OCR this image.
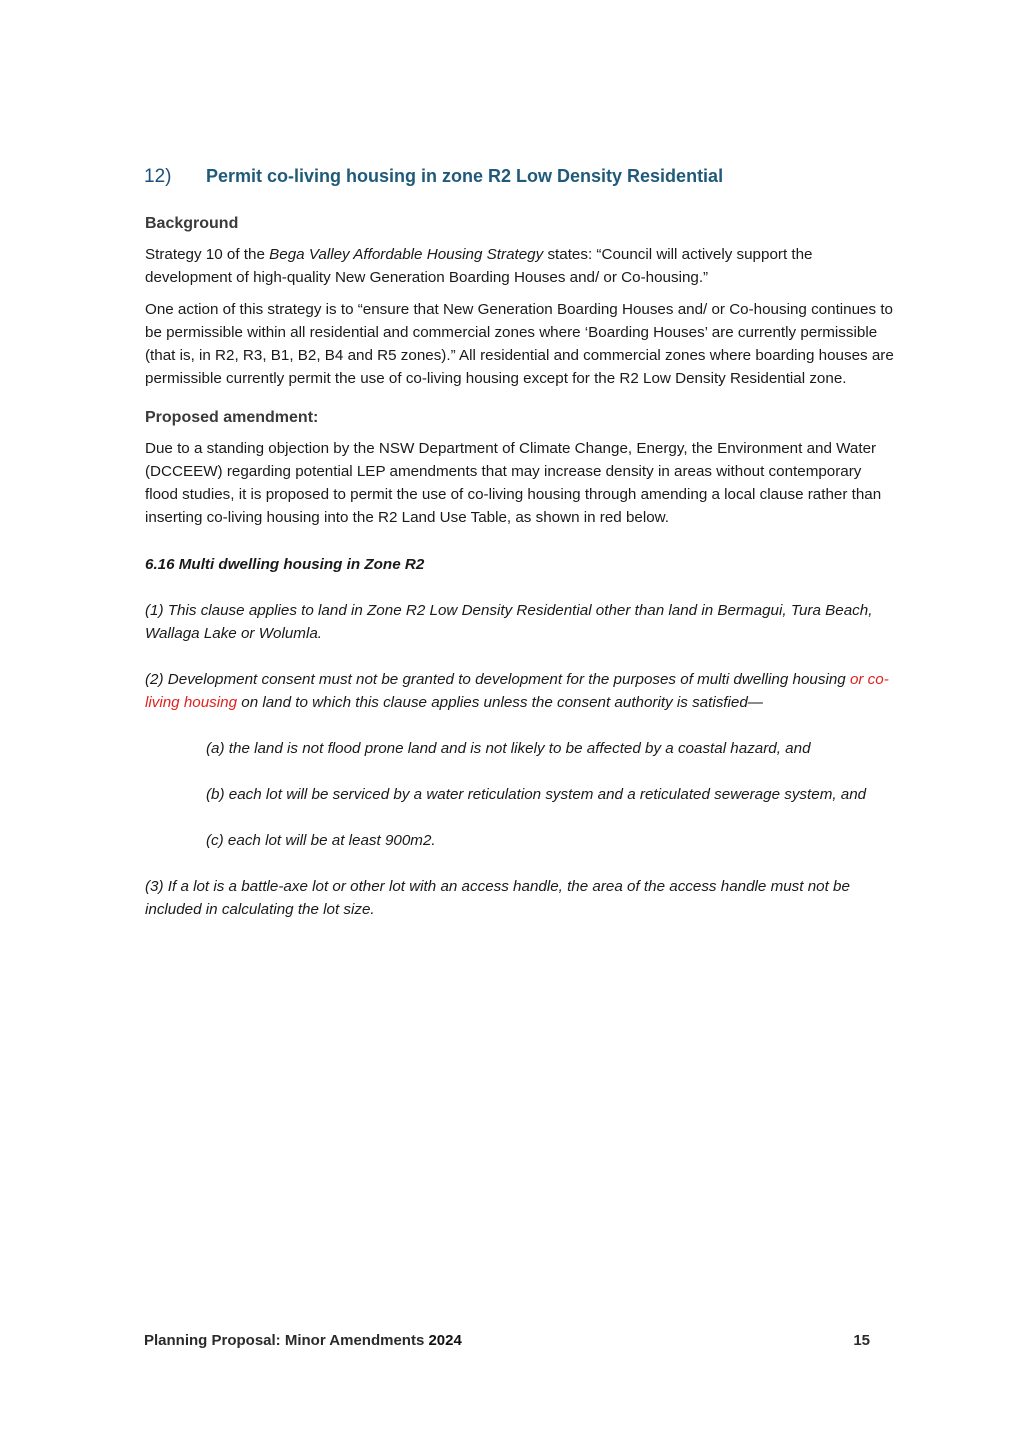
12)	Permit co-living housing in zone R2 Low Density Residential
Background

Strategy 10 of the Bega Valley Affordable Housing Strategy states: “Council will actively support the development of high-quality New Generation Boarding Houses and/ or Co-housing.”

One action of this strategy is to “ensure that New Generation Boarding Houses and/ or Co-housing continues to be permissible within all residential and commercial zones where ‘Boarding Houses’ are currently permissible (that is, in R2, R3, B1, B2, B4 and R5 zones).” All residential and commercial zones where boarding houses are permissible currently permit the use of co-living housing except for the R2 Low Density Residential zone.

Proposed amendment:

Due to a standing objection by the NSW Department of Climate Change, Energy, the Environment and Water (DCCEEW) regarding potential LEP amendments that may increase density in areas without contemporary flood studies, it is proposed to permit the use of co-living housing through amending a local clause rather than inserting co-living housing into the R2 Land Use Table, as shown in red below.

6.16 Multi dwelling housing in Zone R2

(1) This clause applies to land in Zone R2 Low Density Residential other than land in Bermagui, Tura Beach, Wallaga Lake or Wolumla.

(2) Development consent must not be granted to development for the purposes of multi dwelling housing or co-living housing on land to which this clause applies unless the consent authority is satisfied—

(a) the land is not flood prone land and is not likely to be affected by a coastal hazard, and

(b) each lot will be serviced by a water reticulation system and a reticulated sewerage system, and

(c) each lot will be at least 900m2.

(3) If a lot is a battle-axe lot or other lot with an access handle, the area of the access handle must not be included in calculating the lot size.

Planning Proposal: Minor Amendments 2024	15
